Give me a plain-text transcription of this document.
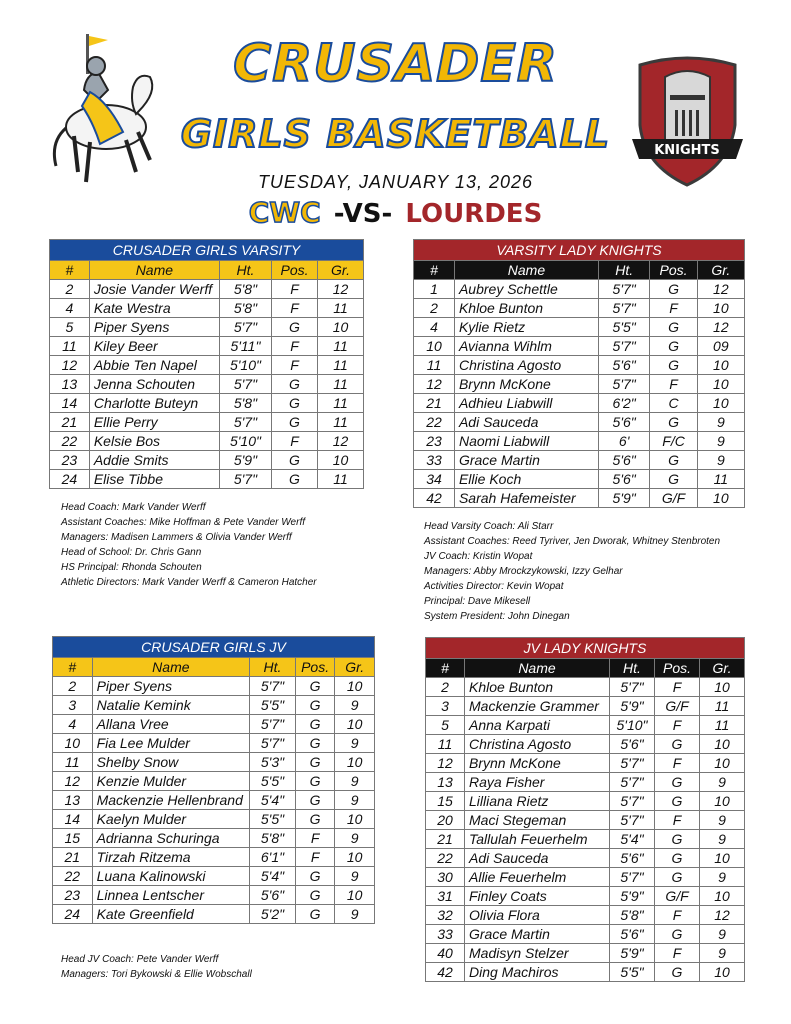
KNIGHTS
CRUSADER
GIRLS BASKETBALL
TUESDAY, JANUARY 13, 2026
CWC -VS- LOURDES
CRUSADER GIRLS VARSITY
#	Name	Ht.	Pos.	Gr.
2	Josie Vander Werff	5'8"	F	12
4	Kate Westra	5'8"	F	11
5	Piper Syens	5'7"	G	10
11	Kiley Beer	5'11"	F	11
12	Abbie Ten Napel	5'10"	F	11
13	Jenna Schouten	5'7"	G	11
14	Charlotte Buteyn	5'8"	G	11
21	Ellie Perry	5'7"	G	11
22	Kelsie Bos	5'10"	F	12
23	Addie Smits	5'9"	G	10
24	Elise Tibbe	5'7"	G	11
Head Coach: Mark Vander Werff
Assistant Coaches: Mike Hoffman & Pete Vander Werff
Managers: Madisen Lammers & Olivia Vander Werff
Head of School: Dr. Chris Gann
HS Principal: Rhonda Schouten
Athletic Directors: Mark Vander Werff & Cameron Hatcher
VARSITY LADY KNIGHTS
#	Name	Ht.	Pos.	Gr.
1	Aubrey Schettle	5'7"	G	12
2	Khloe Bunton	5'7"	F	10
4	Kylie Rietz	5'5"	G	12
10	Avianna Wihlm	5'7"	G	09
11	Christina Agosto	5'6"	G	10
12	Brynn McKone	5'7"	F	10
21	Adhieu Liabwill	6'2"	C	10
22	Adi Sauceda	5'6"	G	9
23	Naomi Liabwill	6'	F/C	9
33	Grace Martin	5'6"	G	9
34	Ellie Koch	5'6"	G	11
42	Sarah Hafemeister	5'9"	G/F	10
Head Varsity Coach: Ali Starr
Assistant Coaches: Reed Tyriver, Jen Dworak, Whitney Stenbroten
JV Coach: Kristin Wopat
Managers: Abby Mrockzykowski, Izzy Gelhar
Activities Director: Kevin Wopat
Principal: Dave Mikesell
System President: John Dinegan
CRUSADER GIRLS JV
#	Name	Ht.	Pos.	Gr.
2	Piper Syens	5'7"	G	10
3	Natalie Kemink	5'5"	G	9
4	Allana Vree	5'7"	G	10
10	Fia Lee Mulder	5'7"	G	9
11	Shelby Snow	5'3"	G	10
12	Kenzie Mulder	5'5"	G	9
13	Mackenzie Hellenbrand	5'4"	G	9
14	Kaelyn Mulder	5'5"	G	10
15	Adrianna Schuringa	5'8"	F	9
21	Tirzah Ritzema	6'1"	F	10
22	Luana Kalinowski	5'4"	G	9
23	Linnea Lentscher	5'6"	G	10
24	Kate Greenfield	5'2"	G	9
Head JV Coach: Pete Vander Werff
Managers: Tori Bykowski & Ellie Wobschall
JV LADY KNIGHTS
#	Name	Ht.	Pos.	Gr.
2	Khloe Bunton	5'7"	F	10
3	Mackenzie Grammer	5'9"	G/F	11
5	Anna Karpati	5'10"	F	11
11	Christina Agosto	5'6"	G	10
12	Brynn McKone	5'7"	F	10
13	Raya Fisher	5'7"	G	9
15	Lilliana Rietz	5'7"	G	10
20	Maci Stegeman	5'7"	F	9
21	Tallulah Feuerhelm	5'4"	G	9
22	Adi Sauceda	5'6"	G	10
30	Allie Feuerhelm	5'7"	G	9
31	Finley Coats	5'9"	G/F	10
32	Olivia Flora	5'8"	F	12
33	Grace Martin	5'6"	G	9
40	Madisyn Stelzer	5'9"	F	9
42	Ding Machiros	5'5"	G	10
